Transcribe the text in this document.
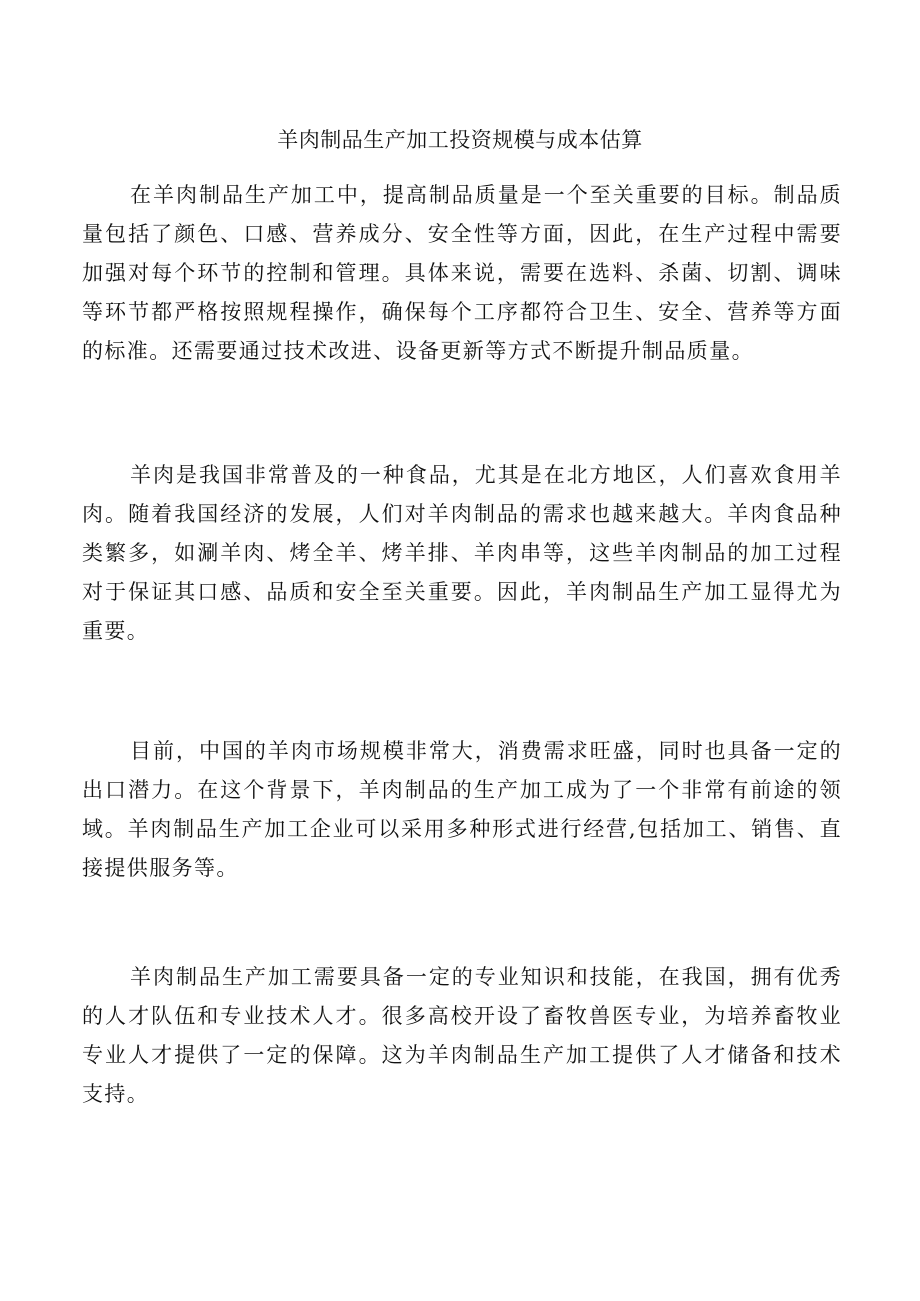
羊肉制品生产加工投资规模与成本估算

在羊肉制品生产加工中，提高制品质量是一个至关重要的目标。制品质量包括了颜色、口感、营养成分、安全性等方面，因此，在生产过程中需要加强对每个环节的控制和管理。具体来说，需要在选料、杀菌、切割、调味等环节都严格按照规程操作，确保每个工序都符合卫生、安全、营养等方面的标准。还需要通过技术改进、设备更新等方式不断提升制品质量。

羊肉是我国非常普及的一种食品，尤其是在北方地区，人们喜欢食用羊肉。随着我国经济的发展，人们对羊肉制品的需求也越来越大。羊肉食品种类繁多，如涮羊肉、烤全羊、烤羊排、羊肉串等，这些羊肉制品的加工过程对于保证其口感、品质和安全至关重要。因此，羊肉制品生产加工显得尤为重要。

目前，中国的羊肉市场规模非常大，消费需求旺盛，同时也具备一定的出口潜力。在这个背景下，羊肉制品的生产加工成为了一个非常有前途的领域。羊肉制品生产加工企业可以采用多种形式进行经营,包括加工、销售、直接提供服务等。

羊肉制品生产加工需要具备一定的专业知识和技能，在我国，拥有优秀的人才队伍和专业技术人才。很多高校开设了畜牧兽医专业，为培养畜牧业专业人才提供了一定的保障。这为羊肉制品生产加工提供了人才储备和技术支持。
